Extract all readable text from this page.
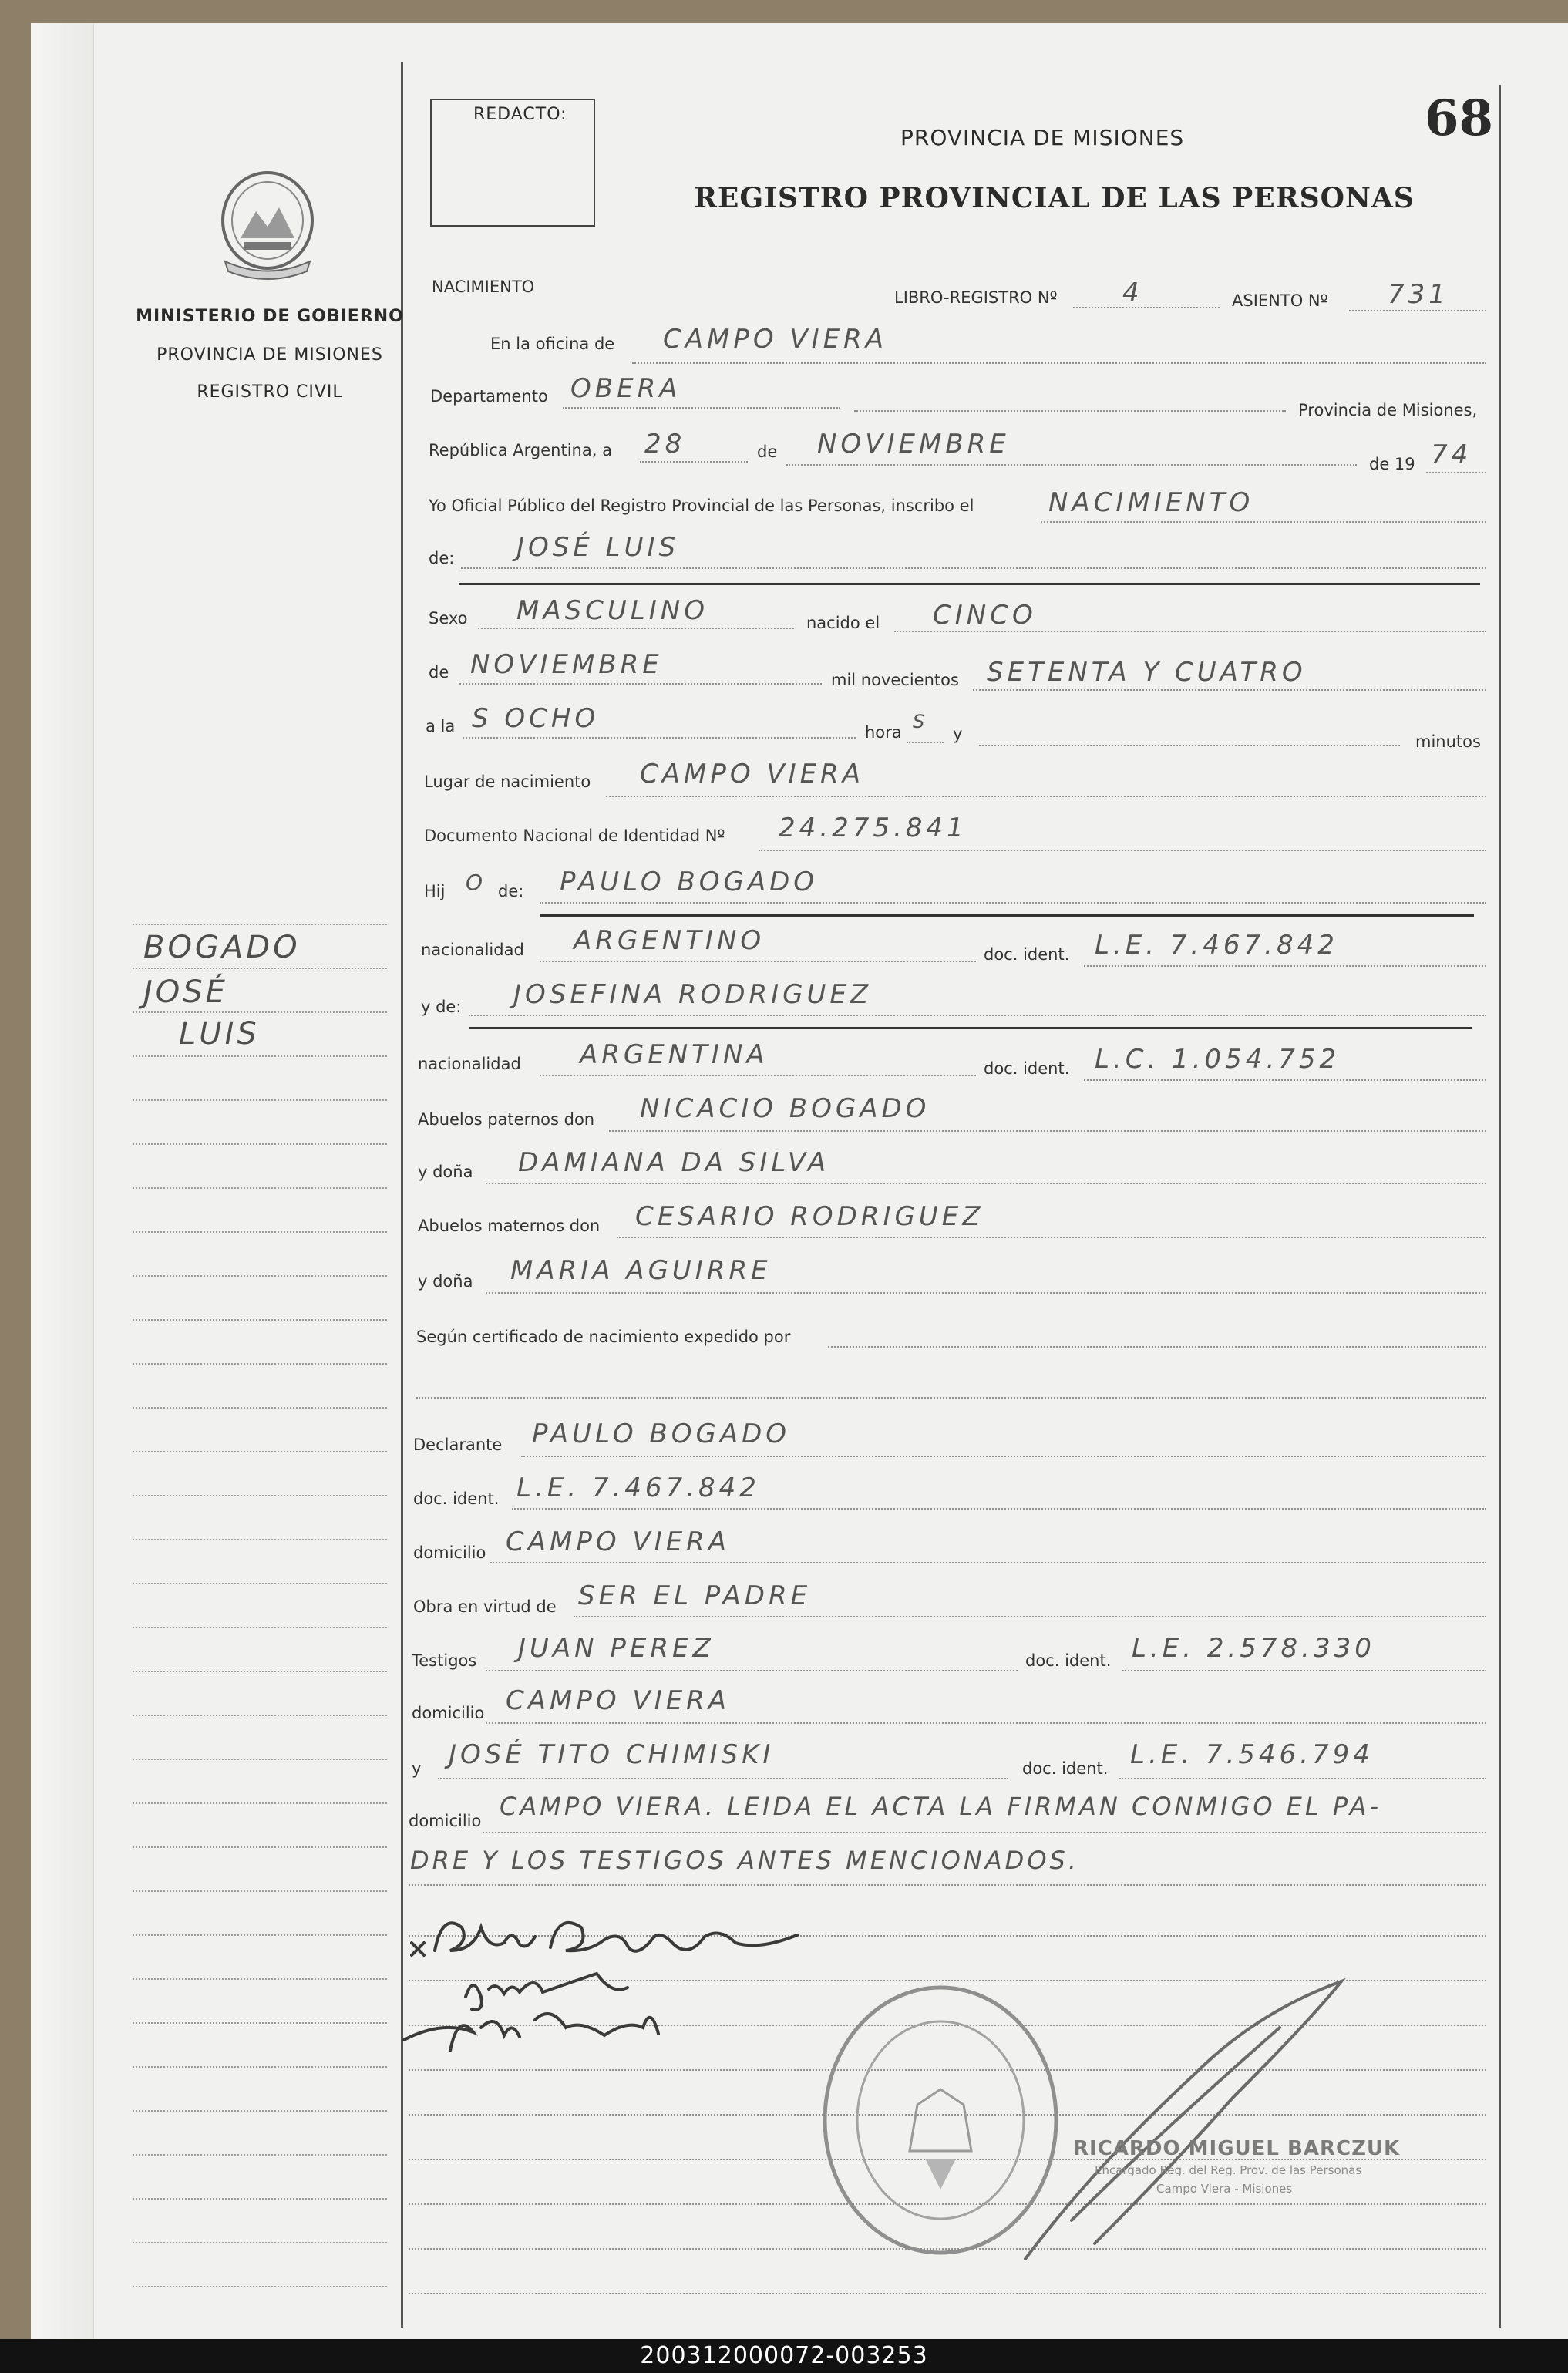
MINISTERIO DE GOBIERNO
PROVINCIA DE MISIONES
REGISTRO CIVIL
BOGADO
JOSÉ
LUIS
REDACTO:
PROVINCIA DE MISIONES
REGISTRO PROVINCIAL DE LAS PERSONAS
68
NACIMIENTO
LIBRO-REGISTRO Nº 4	ASIENTO Nº 731
En la oficina de CAMPO VIERA
Departamento OBERA
Provincia de Misiones,
República Argentina, a 28	de NOVIEMBRE
de 19 74
Yo Oficial Público del Registro Provincial de las Personas, inscribo el	NACIMIENTO
de: JOSÉ LUIS
Sexo MASCULINO	nacido el CINCO
de NOVIEMBRE	mil novecientos SETENTA Y CUATRO
a la S OCHO	hora S
y	minutos
Lugar de nacimiento CAMPO VIERA
Documento Nacional de Identidad Nº 24.275.841
Hij O de: PAULO BOGADO
nacionalidad ARGENTINO	doc. ident. L.E. 7.467.842
y de: JOSEFINA RODRIGUEZ
nacionalidad ARGENTINA	doc. ident. L.C. 1.054.752
Abuelos paternos don NICACIO BOGADO
y doña DAMIANA DA SILVA
Abuelos maternos don CESARIO RODRIGUEZ
y doña MARIA AGUIRRE
Según certificado de nacimiento expedido por
Declarante PAULO BOGADO
doc. ident. L.E. 7.467.842
domicilio CAMPO VIERA
Obra en virtud de SER EL PADRE
Testigos JUAN PEREZ	doc. ident. L.E. 2.578.330
domicilio CAMPO VIERA
y JOSÉ TITO CHIMISKI	doc. ident. L.E. 7.546.794
domicilio CAMPO VIERA. LEIDA EL ACTA LA FIRMAN CONMIGO EL PA-
DRE Y LOS TESTIGOS ANTES MENCIONADOS.
RICARDO MIGUEL BARCZUK
Encargado Reg. del Reg. Prov. de las Personas
Campo Viera - Misiones
200312000072-003253
